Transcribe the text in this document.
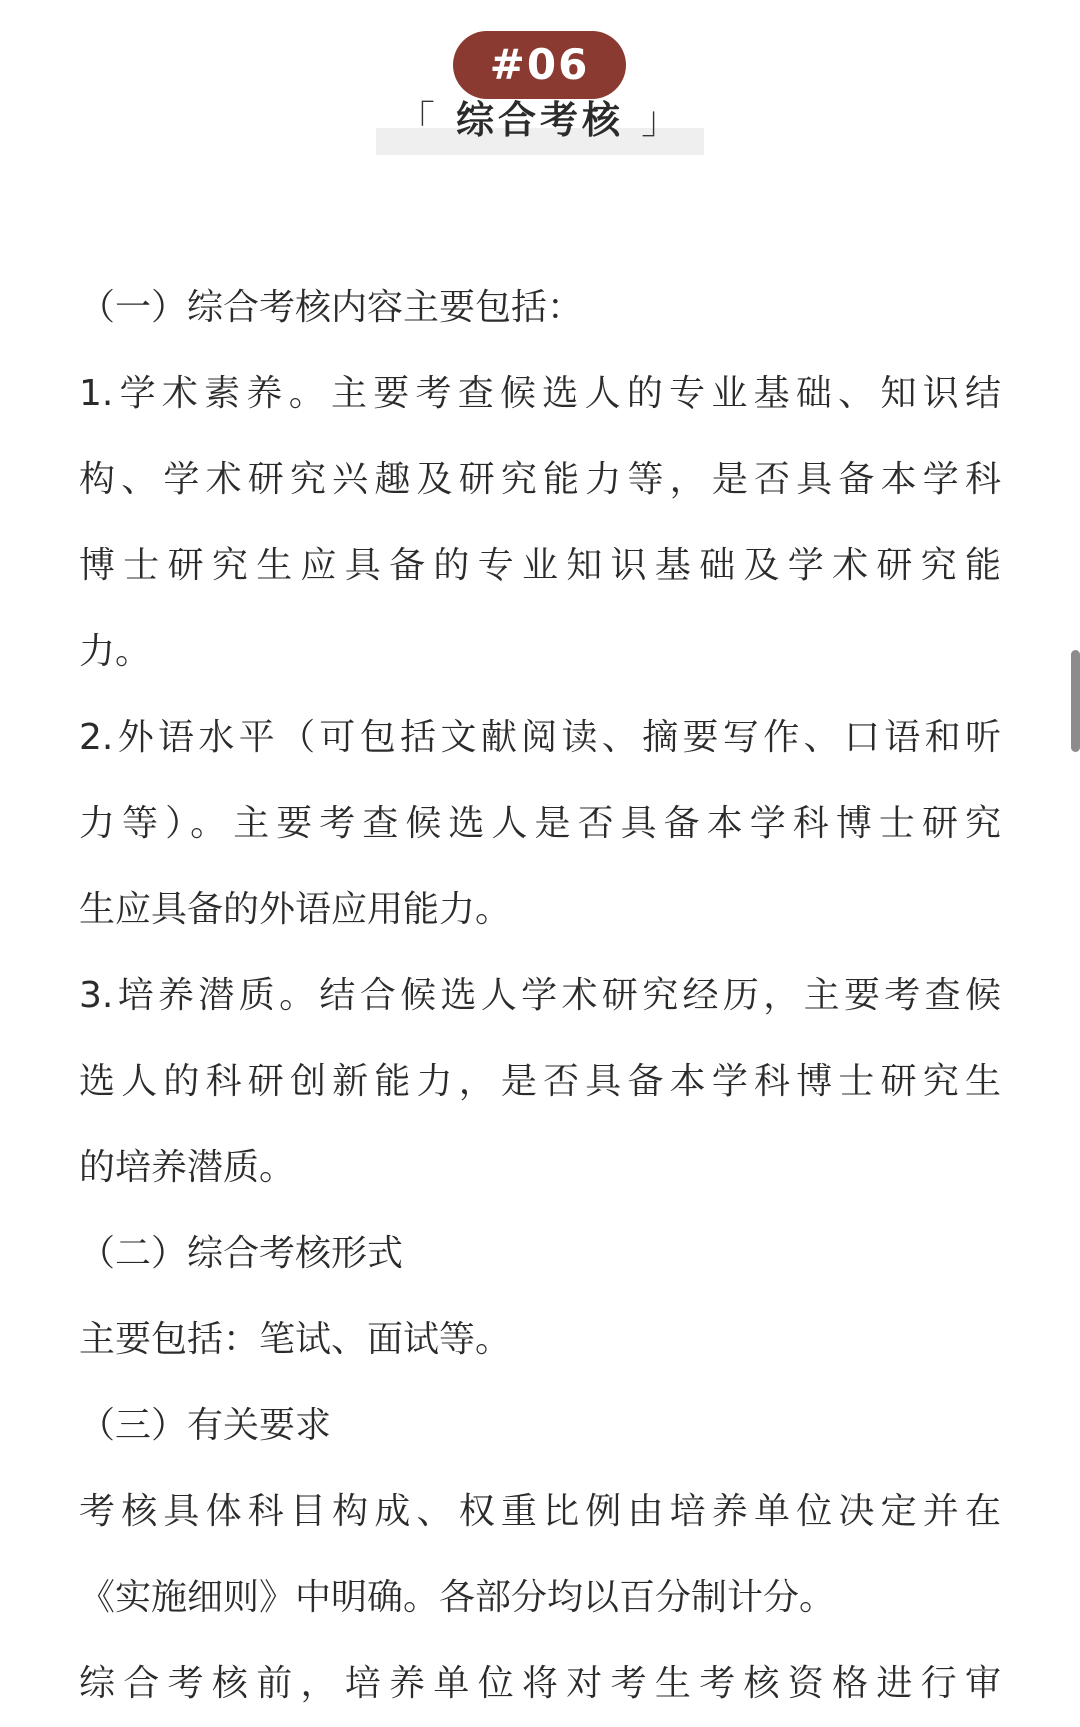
#06
「 综合考核 」
（一）综合考核内容主要包括：
1.学术素养。主要考查候选人的专业基础、知识结
构、学术研究兴趣及研究能力等，是否具备本学科
博士研究生应具备的专业知识基础及学术研究能
力。
2.外语水平（可包括文献阅读、摘要写作、口语和听
力等）。主要考查候选人是否具备本学科博士研究
生应具备的外语应用能力。
3.培养潜质。结合候选人学术研究经历，主要考查候
选人的科研创新能力，是否具备本学科博士研究生
的培养潜质。
（二）综合考核形式
主要包括：笔试、面试等。
（三）有关要求
考核具体科目构成、权重比例由培养单位决定并在
《实施细则》中明确。各部分均以百分制计分。
综合考核前，培养单位将对考生考核资格进行审
